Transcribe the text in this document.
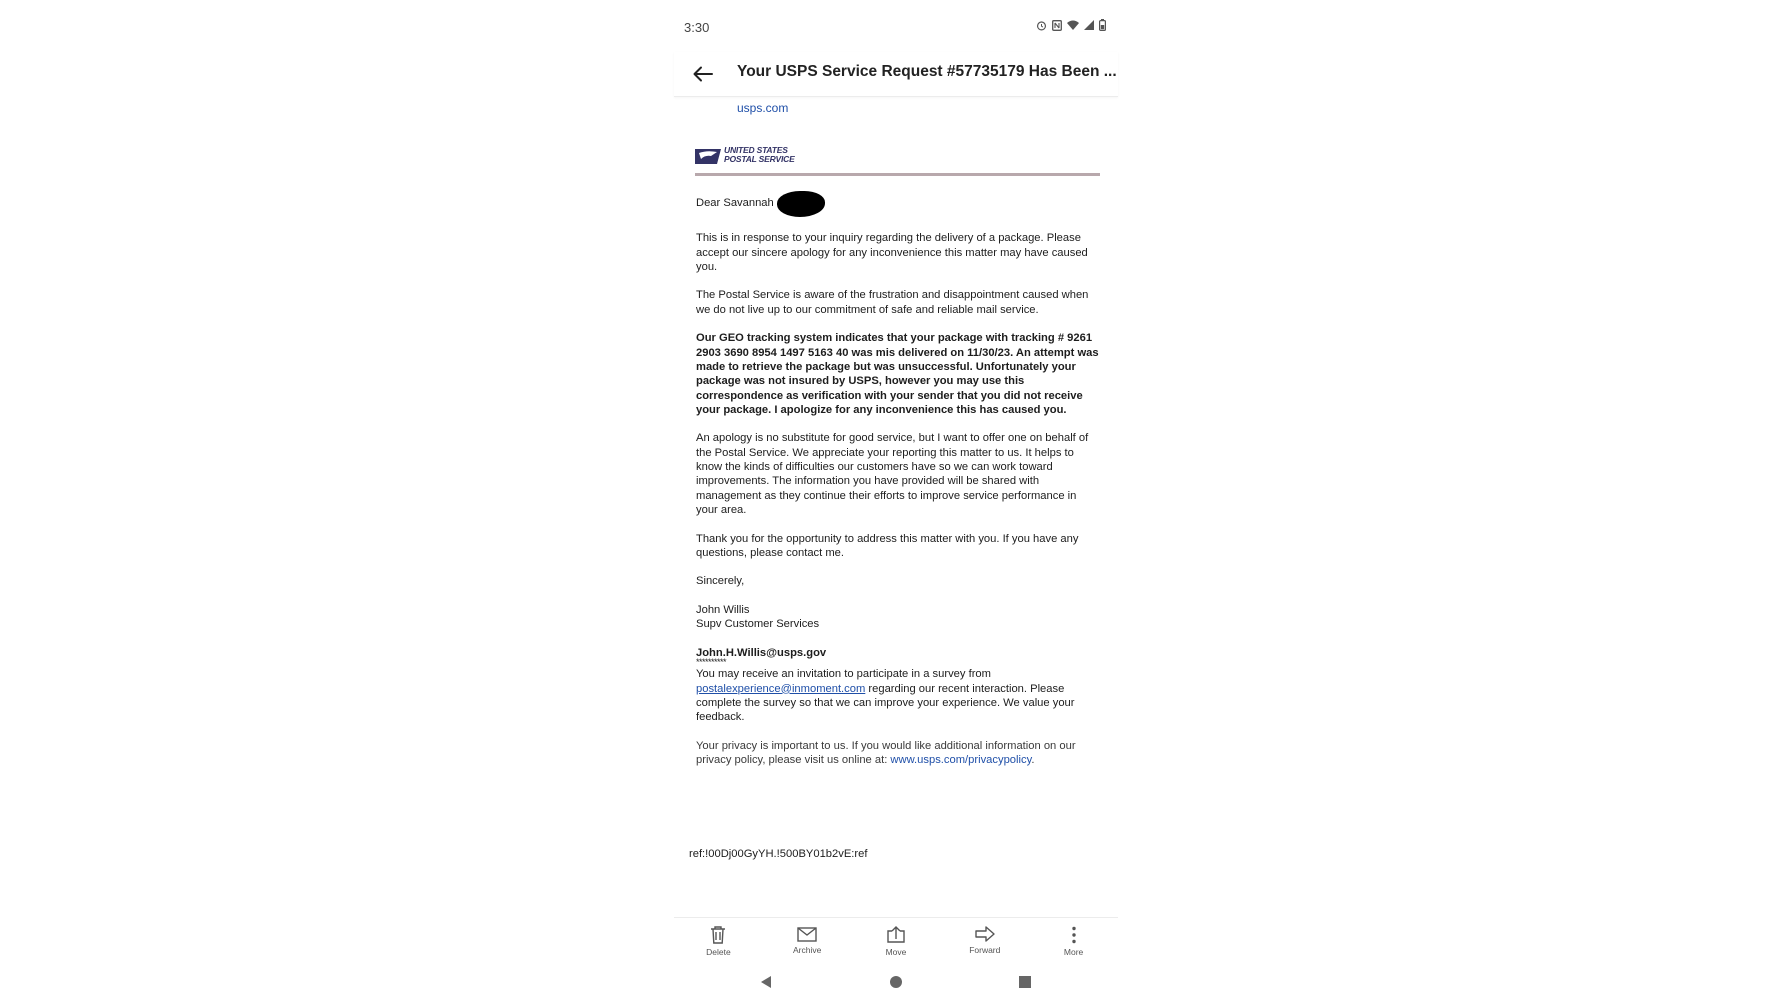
3:30
Your USPS Service Request #57735179 Has Been ...
usps.com
UNITED STATES
POSTAL SERVICE

Dear Savannah

This is in response to your inquiry regarding the delivery of a package. Please accept our sincere apology for any inconvenience this matter may have caused you.

The Postal Service is aware of the frustration and disappointment caused when we do not live up to our commitment of safe and reliable mail service.

Our GEO tracking system indicates that your package with tracking # 9261 2903 3690 8954 1497 5163 40 was mis delivered on 11/30/23. An attempt was made to retrieve the package but was unsuccessful. Unfortunately your package was not insured by USPS, however you may use this correspondence as verification with your sender that you did not receive your package. I apologize for any inconvenience this has caused you.

An apology is no substitute for good service, but I want to offer one on behalf of the Postal Service. We appreciate your reporting this matter to us. It helps to know the kinds of difficulties our customers have so we can work toward improvements. The information you have provided will be shared with management as they continue their efforts to improve service performance in your area.

Thank you for the opportunity to address this matter with you. If you have any questions, please contact me.

Sincerely,

John Willis
Supv Customer Services

John.H.Willis@usps.gov
**********

You may receive an invitation to participate in a survey from postalexperience@inmoment.com regarding our recent interaction. Please complete the survey so that we can improve your experience. We value your feedback.

Your privacy is important to us. If you would like additional information on our privacy policy, please visit us online at: www.usps.com/privacypolicy.

ref:!00Dj00GyYH.!500BY01b2vE:ref
Delete	Archive	Move	Forward	More
